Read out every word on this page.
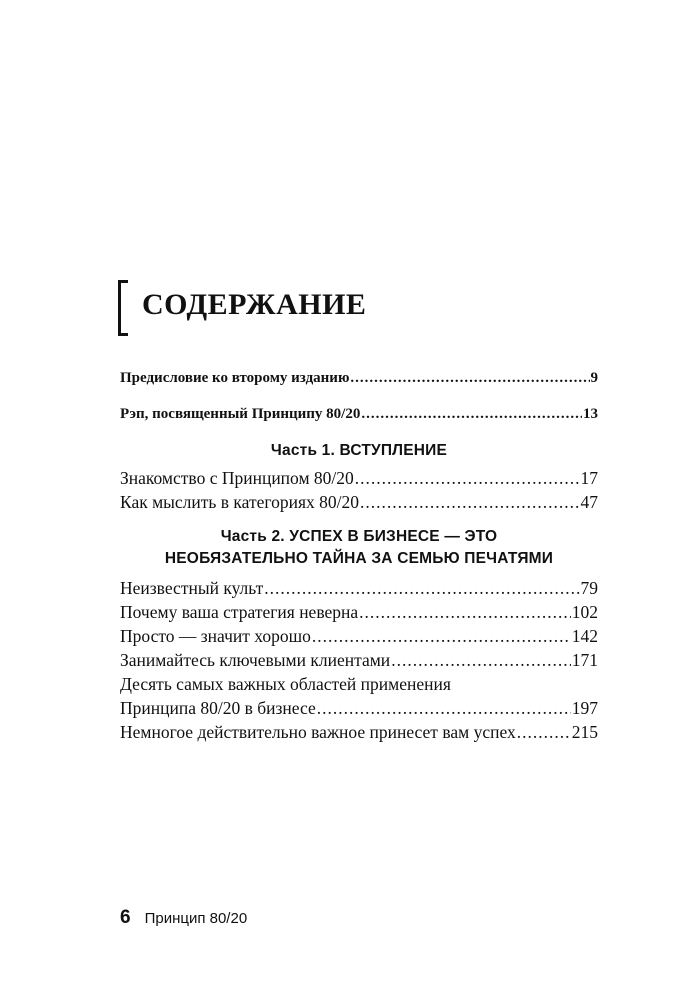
СОДЕРЖАНИЕ
Предисловие ко второму изданию .....	9
Рэп, посвященный Принципу 80/20 .....	13
Часть 1. ВСТУПЛЕНИЕ
Знакомство с Принципом 80/20 .....	17
Как мыслить в категориях 80/20 .....	47
Часть 2. УСПЕХ В БИЗНЕСЕ — ЭТО
НЕОБЯЗАТЕЛЬНО ТАЙНА ЗА СЕМЬЮ ПЕЧАТЯМИ
Неизвестный культ .....	79
Почему ваша стратегия неверна .....	102
Просто — значит хорошо .....	142
Занимайтесь ключевыми клиентами .....	171
Десять самых важных областей применения
Принципа 80/20 в бизнесе .....	197
Немногое действительно важное принесет вам успех .....	215
6 Принцип 80/20
